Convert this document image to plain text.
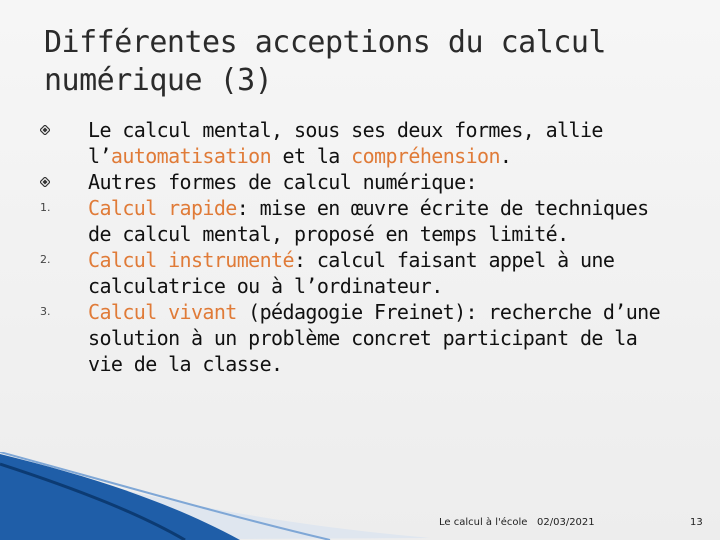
Différentes acceptions du calcul
numérique (3)
Le calcul mental, sous ses deux formes, allie l’automatisation et la compréhension.
Autres formes de calcul numérique:
1.	Calcul rapide: mise en œuvre écrite de techniques de calcul mental, proposé en temps limité.
2.	Calcul instrumenté: calcul faisant appel à une calculatrice ou à l’ordinateur.
3.	Calcul vivant (pédagogie Freinet): recherche d’une solution à un problème concret participant de la vie de la classe.
Le calcul à l'école 02/03/2021	13
